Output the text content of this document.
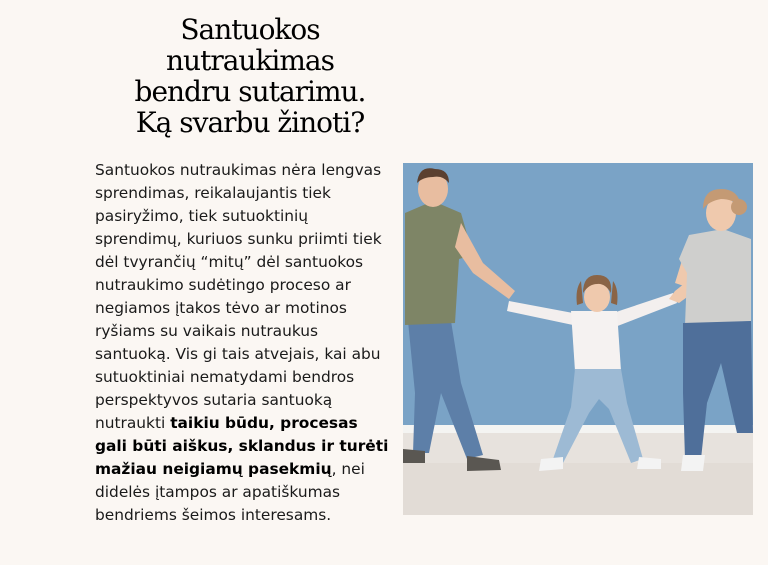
Santuokos
nutraukimas
bendru sutarimu.
Ką svarbu žinoti?

Santuokos nutraukimas nėra lengvas sprendimas, reikalaujantis tiek pasiryžimo, tiek sutuoktinių sprendimų, kuriuos sunku priimti tiek dėl tvyrančių “mitų” dėl santuokos nutraukimo sudėtingo proceso ar negiamos įtakos tėvo ar motinos ryšiams su vaikais nutraukus santuoką. Vis gi tais atvejais, kai abu sutuoktiniai nematydami bendros perspektyvos sutaria santuoką nutraukti taikiu būdu, procesas gali būti aiškus, sklandus ir turėti mažiau neigiamų pasekmių, nei didelės įtampos ar apatiškumas bendriems šeimos interesams.
